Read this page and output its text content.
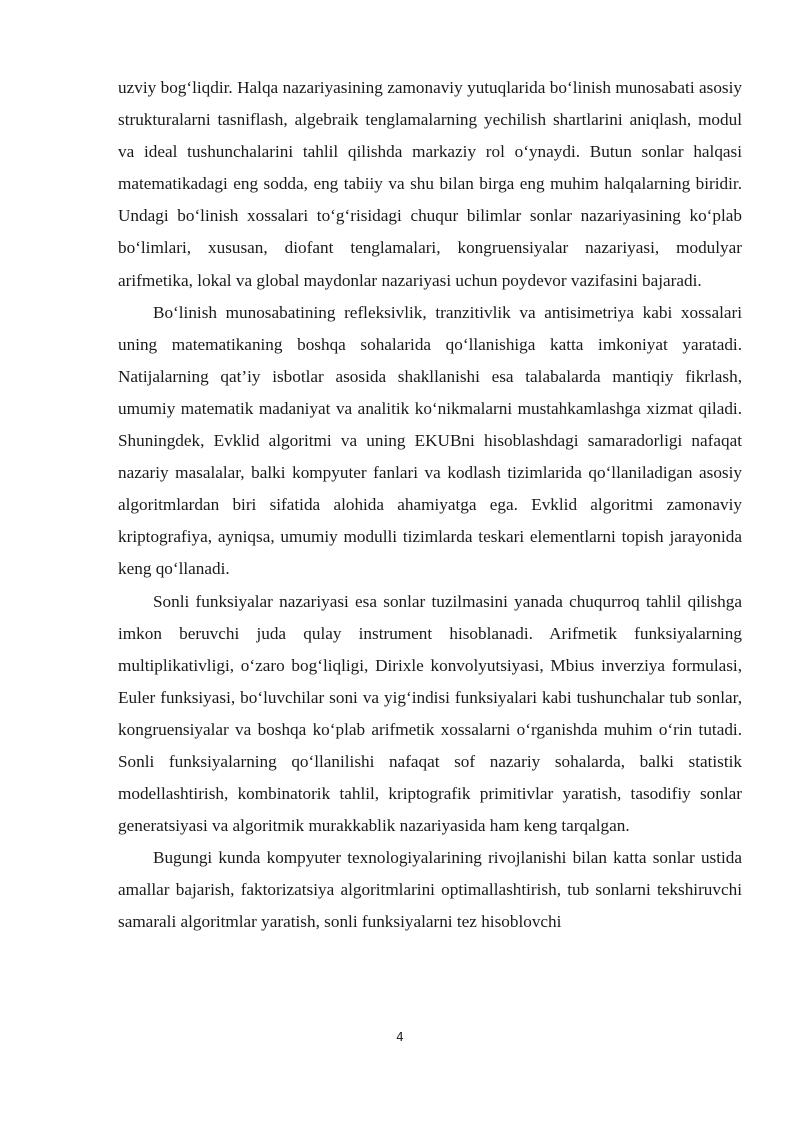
uzviy bog‘liqdir. Halqa nazariyasining zamonaviy yutuqlarida bo‘linish munosabati asosiy strukturalarni tasniflash, algebraik tenglamalarning yechilish shartlarini aniqlash, modul va ideal tushunchalarini tahlil qilishda markaziy rol o‘ynaydi. Butun sonlar halqasi matematikadagi eng sodda, eng tabiiy va shu bilan birga eng muhim halqalarning biridir. Undagi bo‘linish xossalari to‘g‘risidagi chuqur bilimlar sonlar nazariyasining ko‘plab bo‘limlari, xususan, diofant tenglamalari, kongruensiyalar nazariyasi, modulyar arifmetika, lokal va global maydonlar nazariyasi uchun poydevor vazifasini bajaradi.

Bo‘linish munosabatining refleksivlik, tranzitivlik va antisimetriya kabi xossalari uning matematikaning boshqa sohalarida qo‘llanishiga katta imkoniyat yaratadi. Natijalarning qat’iy isbotlar asosida shakllanishi esa talabalarda mantiqiy fikrlash, umumiy matematik madaniyat va analitik ko‘nikmalarni mustahkamlashga xizmat qiladi. Shuningdek, Evklid algoritmi va uning EKUBni hisoblashdagi samaradorligi nafaqat nazariy masalalar, balki kompyuter fanlari va kodlash tizimlarida qo‘llaniladigan asosiy algoritmlardan biri sifatida alohida ahamiyatga ega. Evklid algoritmi zamonaviy kriptografiya, ayniqsa, umumiy modulli tizimlarda teskari elementlarni topish jarayonida keng qo‘llanadi.

Sonli funksiyalar nazariyasi esa sonlar tuzilmasini yanada chuqurroq tahlil qilishga imkon beruvchi juda qulay instrument hisoblanadi. Arifmetik funksiyalarning multiplikativligi, o‘zaro bog‘liqligi, Dirixle konvolyutsiyasi, Mbius inverziya formulasi, Euler funksiyasi, bo‘luvchilar soni va yig‘indisi funksiyalari kabi tushunchalar tub sonlar, kongruensiyalar va boshqa ko‘plab arifmetik xossalarni o‘rganishda muhim o‘rin tutadi. Sonli funksiyalarning qo‘llanilishi nafaqat sof nazariy sohalarda, balki statistik modellashtirish, kombinatorik tahlil, kriptografik primitivlar yaratish, tasodifiy sonlar generatsiyasi va algoritmik murakkablik nazariyasida ham keng tarqalgan.

Bugungi kunda kompyuter texnologiyalarining rivojlanishi bilan katta sonlar ustida amallar bajarish, faktorizatsiya algoritmlarini optimallashtirish, tub sonlarni tekshiruvchi samarali algoritmlar yaratish, sonli funksiyalarni tez hisoblovchi

4
